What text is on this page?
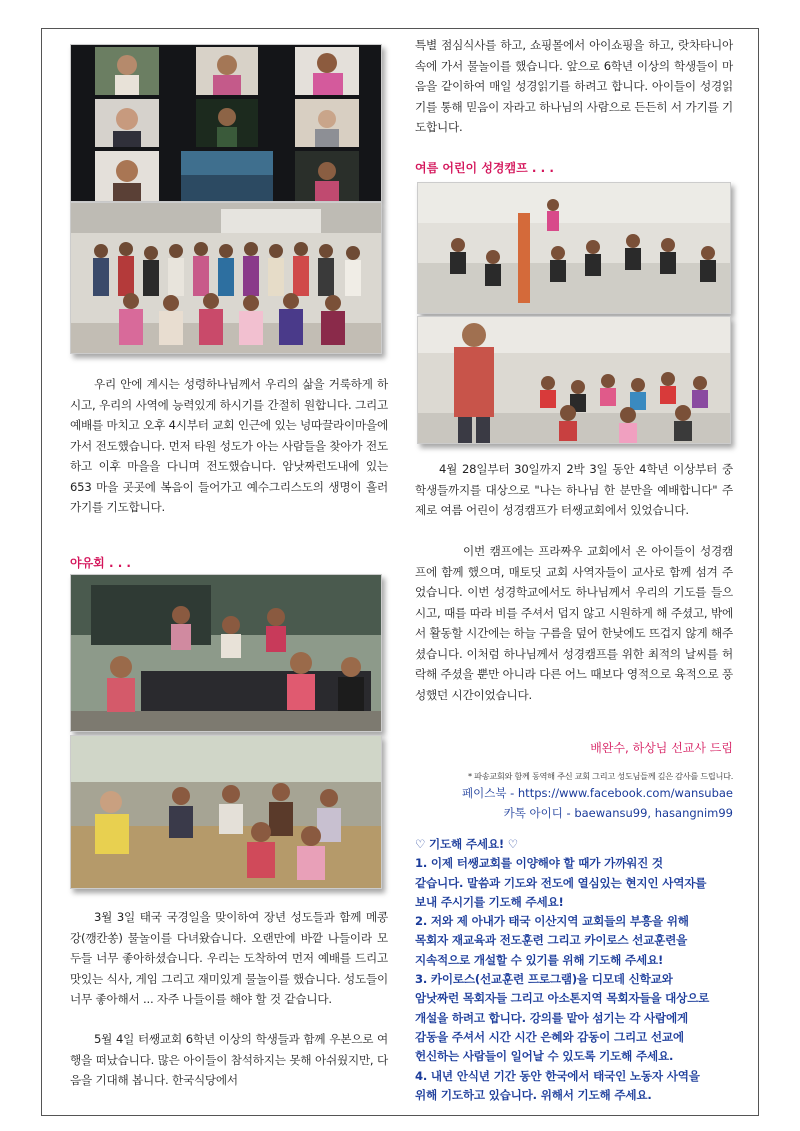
우리 안에 계시는 성령하나님께서 우리의 삶을 거룩하게 하시고, 우리의 사역에 능력있게 하시기를 간절히 원합니다. 그리고 예배를 마치고 오후 4시부터 교회 인근에 있는 넝따끌라이마을에 가서 전도했습니다. 먼저 타원 성도가 아는 사람들을 찾아가 전도하고 이후 마을을 다니며 전도했습니다. 암낫짜런도내에 있는 653 마을 곳곳에 복음이 들어가고 예수그리스도의 생명이 흘러가기를 기도합니다.

야유회 . . .

3월 3일 태국 국경일을 맞이하여 장년 성도들과 함께 메콩강(깽칸쏭) 물놀이를 다녀왔습니다. 오랜만에 바깥 나들이라 모두들 너무 좋아하셨습니다. 우리는 도착하여 먼저 예배를 드리고 맛있는 식사, 게임 그리고 재미있게 물놀이를 했습니다. 성도들이 너무 좋아해서 ... 자주 나들이를 해야 할 것 같습니다.

5월 4일 터쌩교회 6학년 이상의 학생들과 함께 우본으로 여행을 떠났습니다. 많은 아이들이 참석하지는 못해 아쉬웠지만, 다음을 기대해 봅니다. 한국식당에서

특별 점심식사를 하고, 쇼핑몰에서 아이쇼핑을 하고, 랏차타니아속에 가서 물놀이를 했습니다. 앞으로 6학년 이상의 학생들이 마음을 같이하여 매일 성경읽기를 하려고 합니다. 아이들이 성경읽기를 통해 믿음이 자라고 하나님의 사람으로 든든히 서 가기를 기도합니다.

여름 어린이 성경캠프 . . .

4월 28일부터 30일까지 2박 3일 동안 4학년 이상부터 중학생들까지를 대상으로 "나는 하나님 한 분만을 예배합니다" 주제로 여름 어린이 성경캠프가 터쌩교회에서 있었습니다.

이번 캠프에는 프라짜우 교회에서 온 아이들이 성경캠프에 함께 했으며, 매토딧 교회 사역자들이 교사로 함께 섬겨 주었습니다. 이번 성경학교에서도 하나님께서 우리의 기도를 들으시고, 때를 따라 비를 주셔서 덥지 않고 시원하게 해 주셨고, 밖에서 활동할 시간에는 하늘 구름을 덮어 한낮에도 뜨겁지 않게 해주셨습니다. 이처럼 하나님께서 성경캠프를 위한 최적의 날씨를 허락해 주셨을 뿐만 아니라 다른 어느 때보다 영적으로 육적으로 풍성했던 시간이었습니다.

배완수, 하상님 선교사 드림
* 파송교회와 함께 동역해 주신 교회 그리고 성도님들께 깊은 감사를 드립니다.
페이스북 - https://www.facebook.com/wansubae
카톡 아이디 - baewansu99, hasangnim99
♡ 기도해 주세요! ♡
1. 이제 터쌩교회를 이양해야 할 때가 가까워진 것
같습니다. 말씀과 기도와 전도에 열심있는 현지인 사역자를
보내 주시기를 기도해 주세요!
2. 저와 제 아내가 태국 이산지역 교회들의 부흥을 위해
목회자 재교육과 전도훈련 그리고 카이로스 선교훈련을
지속적으로 개설할 수 있기를 위해 기도해 주세요!
3. 카이로스(선교훈련 프로그램)을 디모데 신학교와
암낫짜런 목회자들 그리고 아소톤지역 목회자들을 대상으로
개설을 하려고 합니다. 강의를 맡아 섬기는 각 사람에게
감동을 주셔서 시간 시간 은혜와 감동이 그리고 선교에
헌신하는 사람들이 일어날 수 있도록 기도해 주세요.
4. 내년 안식년 기간 동안 한국에서 태국인 노동자 사역을
위해 기도하고 있습니다. 위해서 기도해 주세요.
